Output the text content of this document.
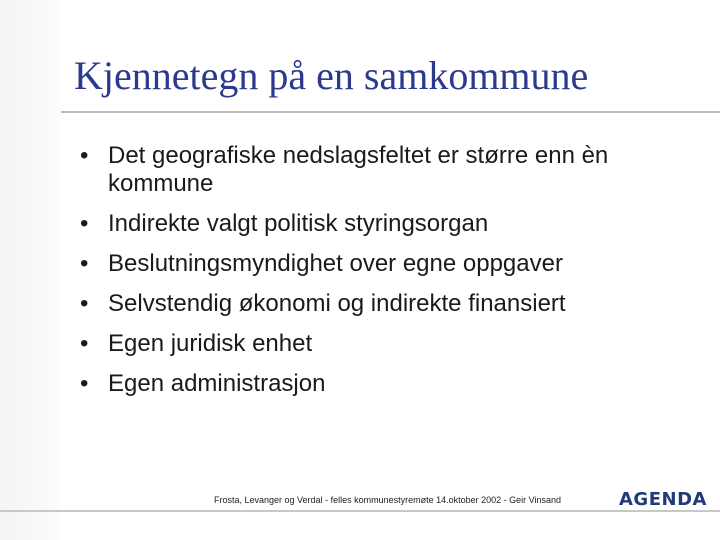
Kjennetegn på en samkommune
• Det geografiske nedslagsfeltet er større enn èn kommune
• Indirekte valgt politisk styringsorgan
• Beslutningsmyndighet over egne oppgaver
• Selvstendig økonomi og indirekte finansiert
• Egen juridisk enhet
• Egen administrasjon
Frosta, Levanger og Verdal - felles kommunestyremøte 14.oktober 2002 - Geir Vinsand	AGENDA
